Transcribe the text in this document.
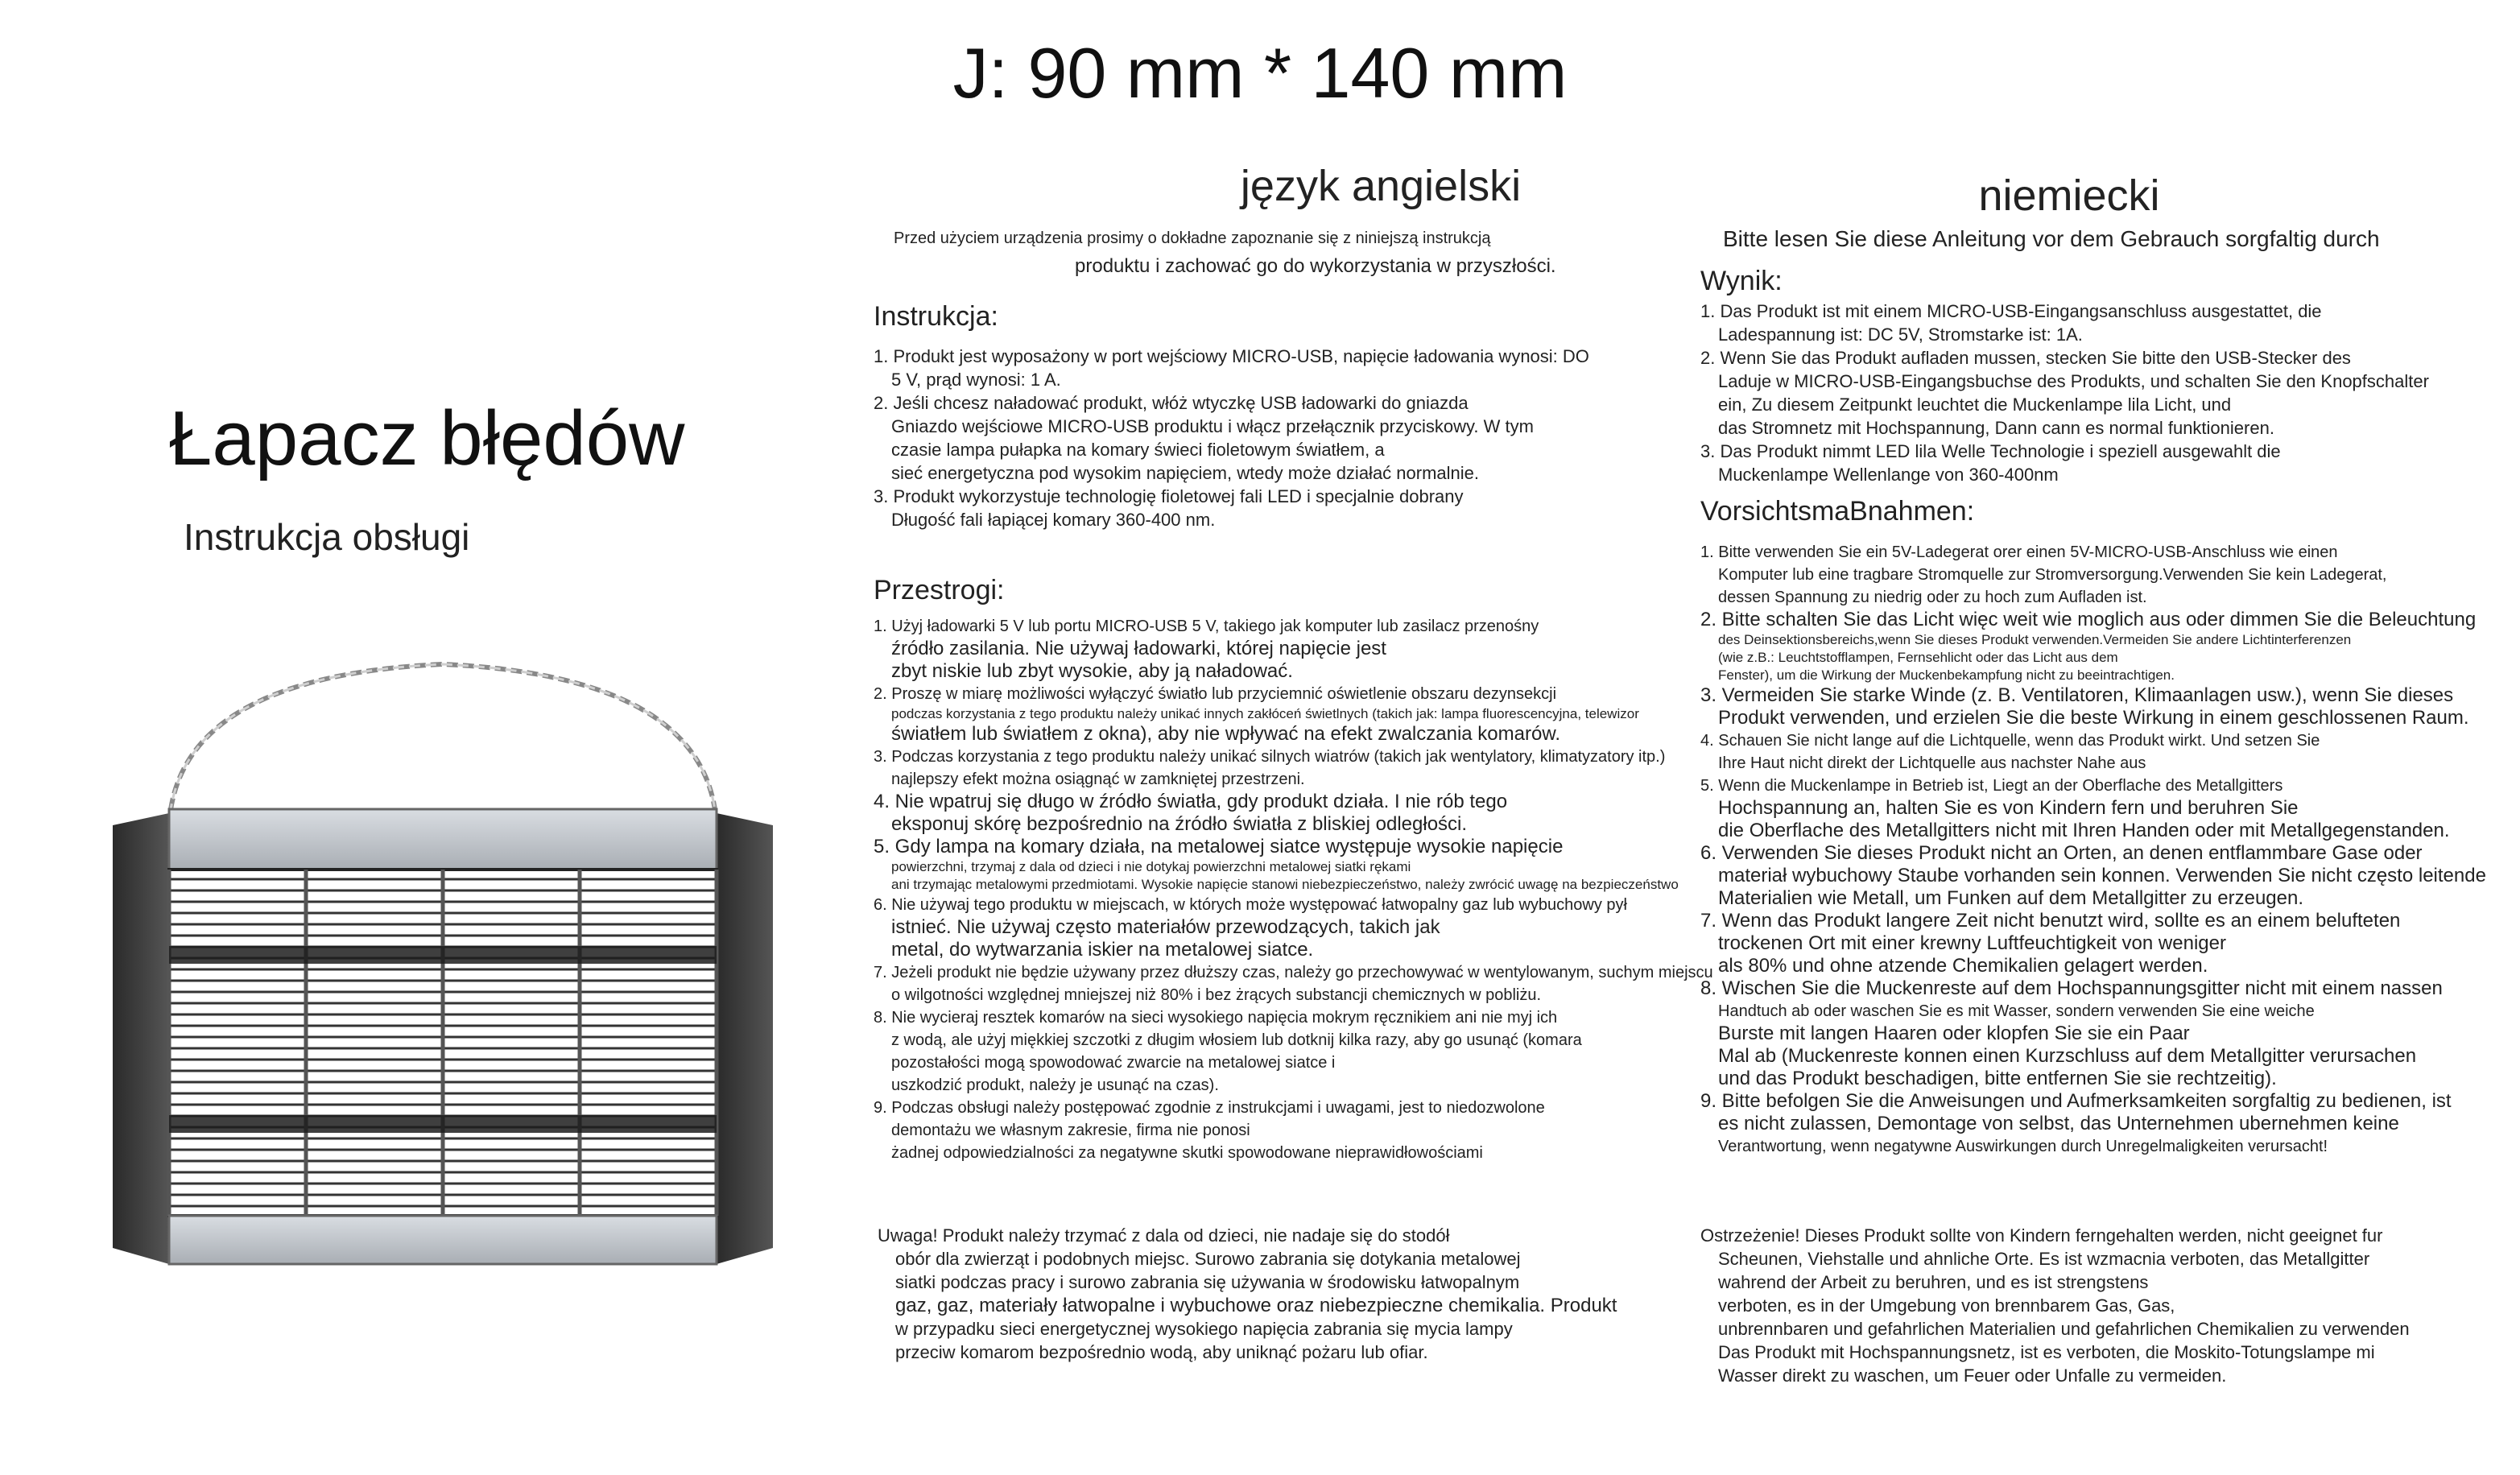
J: 90 mm * 140 mm
Łapacz błędów
Instrukcja obsługi
język angielski
Przed użyciem urządzenia prosimy o dokładne zapoznanie się z niniejszą instrukcją
produktu i zachować go do wykorzystania w przyszłości.
Instrukcja:

1. Produkt jest wyposażony w port wejściowy MICRO-USB, napięcie ładowania wynosi: DO

5 V, prąd wynosi: 1 A.

2. Jeśli chcesz naładować produkt, włóż wtyczkę USB ładowarki do gniazda

Gniazdo wejściowe MICRO-USB produktu i włącz przełącznik przyciskowy. W tym

czasie lampa pułapka na komary świeci fioletowym światłem, a

sieć energetyczna pod wysokim napięciem, wtedy może działać normalnie.

3. Produkt wykorzystuje technologię fioletowej fali LED i specjalnie dobrany

Długość fali łapiącej komary 360-400 nm.

Przestrogi:

1. Użyj ładowarki 5 V lub portu MICRO-USB 5 V, takiego jak komputer lub zasilacz przenośny

źródło zasilania. Nie używaj ładowarki, której napięcie jest

zbyt niskie lub zbyt wysokie, aby ją naładować.

2. Proszę w miarę możliwości wyłączyć światło lub przyciemnić oświetlenie obszaru dezynsekcji

podczas korzystania z tego produktu należy unikać innych zakłóceń świetlnych (takich jak: lampa fluorescencyjna, telewizor

światłem lub światłem z okna), aby nie wpływać na efekt zwalczania komarów.

3. Podczas korzystania z tego produktu należy unikać silnych wiatrów (takich jak wentylatory, klimatyzatory itp.)

najlepszy efekt można osiągnąć w zamkniętej przestrzeni.

4. Nie wpatruj się długo w źródło światła, gdy produkt działa. I nie rób tego

eksponuj skórę bezpośrednio na źródło światła z bliskiej odległości.

5. Gdy lampa na komary działa, na metalowej siatce występuje wysokie napięcie

powierzchni, trzymaj z dala od dzieci i nie dotykaj powierzchni metalowej siatki rękami

ani trzymając metalowymi przedmiotami. Wysokie napięcie stanowi niebezpieczeństwo, należy zwrócić uwagę na bezpieczeństwo

6. Nie używaj tego produktu w miejscach, w których może występować łatwopalny gaz lub wybuchowy pył

istnieć. Nie używaj często materiałów przewodzących, takich jak

metal, do wytwarzania iskier na metalowej siatce.

7. Jeżeli produkt nie będzie używany przez dłuższy czas, należy go przechowywać w wentylowanym, suchym miejscu

o wilgotności względnej mniejszej niż 80% i bez żrących substancji chemicznych w pobliżu.

8. Nie wycieraj resztek komarów na sieci wysokiego napięcia mokrym ręcznikiem ani nie myj ich

z wodą, ale użyj miękkiej szczotki z długim włosiem lub dotknij kilka razy, aby go usunąć (komara

pozostałości mogą spowodować zwarcie na metalowej siatce i

uszkodzić produkt, należy je usunąć na czas).

9. Podczas obsługi należy postępować zgodnie z instrukcjami i uwagami, jest to niedozwolone

demontażu we własnym zakresie, firma nie ponosi

żadnej odpowiedzialności za negatywne skutki spowodowane nieprawidłowościami

Uwaga! Produkt należy trzymać z dala od dzieci, nie nadaje się do stodół

obór dla zwierząt i podobnych miejsc. Surowo zabrania się dotykania metalowej

siatki podczas pracy i surowo zabrania się używania w środowisku łatwopalnym

gaz, gaz, materiały łatwopalne i wybuchowe oraz niebezpieczne chemikalia. Produkt

w przypadku sieci energetycznej wysokiego napięcia zabrania się mycia lampy

przeciw komarom bezpośrednio wodą, aby uniknąć pożaru lub ofiar.

niemiecki
Bitte lesen Sie diese Anleitung vor dem Gebrauch sorgfaltig durch
Wynik:

1. Das Produkt ist mit einem MICRO-USB-Eingangsanschluss ausgestattet, die

Ladespannung ist: DC 5V, Stromstarke ist: 1A.

2. Wenn Sie das Produkt aufladen mussen, stecken Sie bitte den USB-Stecker des

Laduje w MICRO-USB-Eingangsbuchse des Produkts, und schalten Sie den Knopfschalter

ein, Zu diesem Zeitpunkt leuchtet die Muckenlampe lila Licht, und

das Stromnetz mit Hochspannung, Dann cann es normal funktionieren.

3. Das Produkt nimmt LED lila Welle Technologie i speziell ausgewahlt die

Muckenlampe Wellenlange von 360-400nm

VorsichtsmaBnahmen:

1. Bitte verwenden Sie ein 5V-Ladegerat orer einen 5V-MICRO-USB-Anschluss wie einen

Komputer lub eine tragbare Stromquelle zur Stromversorgung.Verwenden Sie kein Ladegerat,

dessen Spannung zu niedrig oder zu hoch zum Aufladen ist.

2. Bitte schalten Sie das Licht więc weit wie moglich aus oder dimmen Sie die Beleuchtung

des Deinsektionsbereichs,wenn Sie dieses Produkt verwenden.Vermeiden Sie andere Lichtinterferenzen

(wie z.B.: Leuchtstofflampen, Fernsehlicht oder das Licht aus dem

Fenster), um die Wirkung der Muckenbekampfung nicht zu beeintrachtigen.

3. Vermeiden Sie starke Winde (z. B. Ventilatoren, Klimaanlagen usw.), wenn Sie dieses

Produkt verwenden, und erzielen Sie die beste Wirkung in einem geschlossenen Raum.

4. Schauen Sie nicht lange auf die Lichtquelle, wenn das Produkt wirkt. Und setzen Sie

Ihre Haut nicht direkt der Lichtquelle aus nachster Nahe aus

5. Wenn die Muckenlampe in Betrieb ist, Liegt an der Oberflache des Metallgitters

Hochspannung an, halten Sie es von Kindern fern und beruhren Sie

die Oberflache des Metallgitters nicht mit Ihren Handen oder mit Metallgegenstanden.

6. Verwenden Sie dieses Produkt nicht an Orten, an denen entflammbare Gase oder

materiał wybuchowy Staube vorhanden sein konnen. Verwenden Sie nicht często leitende

Materialien wie Metall, um Funken auf dem Metallgitter zu erzeugen.

7. Wenn das Produkt langere Zeit nicht benutzt wird, sollte es an einem belufteten

trockenen Ort mit einer krewny Luftfeuchtigkeit von weniger

als 80% und ohne atzende Chemikalien gelagert werden.

8. Wischen Sie die Muckenreste auf dem Hochspannungsgitter nicht mit einem nassen

Handtuch ab oder waschen Sie es mit Wasser, sondern verwenden Sie eine weiche

Burste mit langen Haaren oder klopfen Sie sie ein Paar

Mal ab (Muckenreste konnen einen Kurzschluss auf dem Metallgitter verursachen

und das Produkt beschadigen, bitte entfernen Sie sie rechtzeitig).

9. Bitte befolgen Sie die Anweisungen und Aufmerksamkeiten sorgfaltig zu bedienen, ist

es nicht zulassen, Demontage von selbst, das Unternehmen ubernehmen keine

Verantwortung, wenn negatywne Auswirkungen durch Unregelmaligkeiten verursacht!

Ostrzeżenie! Dieses Produkt sollte von Kindern ferngehalten werden, nicht geeignet fur

Scheunen, Viehstalle und ahnliche Orte. Es ist wzmacnia verboten, das Metallgitter

wahrend der Arbeit zu beruhren, und es ist strengstens

verboten, es in der Umgebung von brennbarem Gas, Gas,

unbrennbaren und gefahrlichen Materialien und gefahrlichen Chemikalien zu verwenden

Das Produkt mit Hochspannungsnetz, ist es verboten, die Moskito-Totungslampe mi

Wasser direkt zu waschen, um Feuer oder Unfalle zu vermeiden.
